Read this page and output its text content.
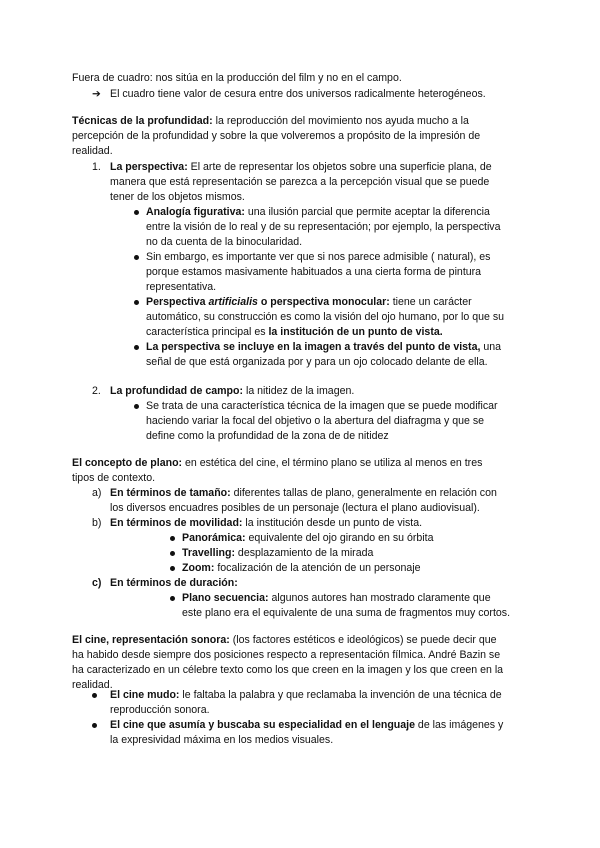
Fuera de cuadro: nos sitúa en la producción del film y no en el campo.
➔ El cuadro tiene valor de cesura entre dos universos radicalmente heterogéneos.
Técnicas de la profundidad: la reproducción del movimiento nos ayuda mucho a la
percepción de la profundidad y sobre la que volveremos a propósito de la impresión de
realidad.
1. La perspectiva: El arte de representar los objetos sobre una superficie plana, de
manera que está representación se parezca a la percepción visual que se puede
tener de los objetos mismos.
Analogía figurativa: una ilusión parcial que permite aceptar la diferencia
entre la visión de lo real y de su representación; por ejemplo, la perspectiva
no da cuenta de la binocularidad.
Sin embargo, es importante ver que si nos parece admisible ( natural), es
porque estamos masivamente habituados a una cierta forma de pintura
representativa.
Perspectiva artificialis o perspectiva monocular: tiene un carácter
automático, su construcción es como la visión del ojo humano, por lo que su
característica principal es la institución de un punto de vista.
La perspectiva se incluye en la imagen a través del punto de vista, una
señal de que está organizada por y para un ojo colocado delante de ella.
2. La profundidad de campo: la nitidez de la imagen.
Se trata de una característica técnica de la imagen que se puede modificar
haciendo variar la focal del objetivo o la abertura del diafragma y que se
define como la profundidad de la zona de de nitidez
El concepto de plano: en estética del cine, el término plano se utiliza al menos en tres
tipos de contexto.
a) En términos de tamaño: diferentes tallas de plano, generalmente en relación con
los diversos encuadres posibles de un personaje (lectura el plano audiovisual).
b) En términos de movilidad: la institución desde un punto de vista.
Panorámica: equivalente del ojo girando en su órbita
Travelling: desplazamiento de la mirada
Zoom: focalización de la atención de un personaje
c) En términos de duración:
Plano secuencia: algunos autores han mostrado claramente que
este plano era el equivalente de una suma de fragmentos muy cortos.
El cine, representación sonora: (los factores estéticos e ideológicos) se puede decir que
ha habido desde siempre dos posiciones respecto a representación fílmica. André Bazin se
ha caracterizado en un célebre texto como los que creen en la imagen y los que creen en la
realidad.
El cine mudo: le faltaba la palabra y que reclamaba la invención de una técnica de
reproducción sonora.
El cine que asumía y buscaba su especialidad en el lenguaje de las imágenes y
la expresividad máxima en los medios visuales.
